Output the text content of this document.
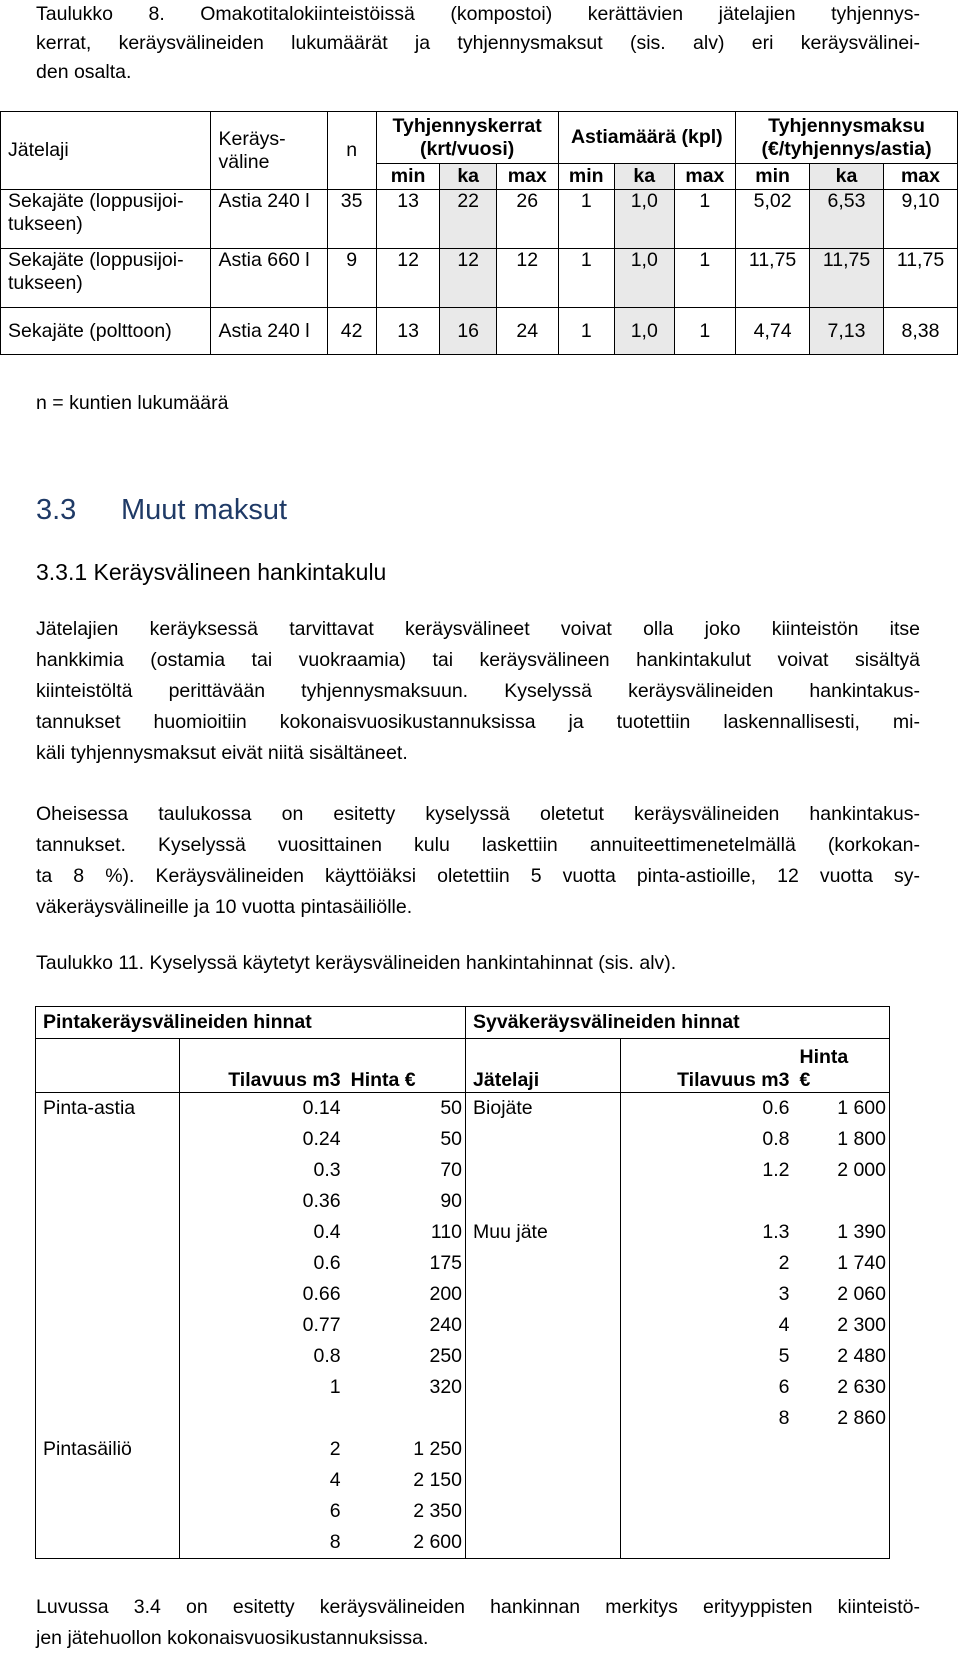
Taulukko 8. Omakotitalokiinteistöissä (kompostoi) kerättävien jätelajien tyhjennys-
kerrat, keräysvälineiden lukumäärät ja tyhjennysmaksut (sis. alv) eri keräysvälinei-
den osalta.
Jätelaji	Keräys- väline	n	Tyhjennyskerrat (krt/vuosi)			Astiamäärä (kpl)			Tyhjennysmaksu (€/tyhjennys/astia)		
			min	ka	max	min	ka	max	min	ka	max
Sekajäte (loppusijoi- tukseen)	Astia 240 l	35	13	22	26	1	1,0	1	5,02	6,53	9,10
Sekajäte (loppusijoi- tukseen)	Astia 660 l	9	12	12	12	1	1,0	1	11,75	11,75	11,75
Sekajäte (polttoon)	Astia 240 l	42	13	16	24	1	1,0	1	4,74	7,13	8,38
n = kuntien lukumäärä
3.3 Muut maksut
3.3.1 Keräysvälineen hankintakulu
Jätelajien keräyksessä tarvittavat keräysvälineet voivat olla joko kiinteistön itse
hankkimia (ostamia tai vuokraamia) tai keräysvälineen hankintakulut voivat sisältyä
kiinteistöltä perittävään tyhjennysmaksuun. Kyselyssä keräysvälineiden hankintakus-
tannukset huomioitiin kokonaisvuosikustannuksissa ja tuotettiin laskennallisesti, mi-
käli tyhjennysmaksut eivät niitä sisältäneet.
Oheisessa taulukossa on esitetty kyselyssä oletetut keräysvälineiden hankintakus-
tannukset. Kyselyssä vuosittainen kulu laskettiin annuiteettimenetelmällä (korkokan-
ta 8 %). Keräysvälineiden käyttöiäksi oletettiin 5 vuotta pinta-astioille, 12 vuotta sy-
väkeräysvälineille ja 10 vuotta pintasäiliölle.
Taulukko 11. Kyselyssä käytetyt keräysvälineiden hankintahinnat (sis. alv).
Pintakeräysvälineiden hinnat			Syväkeräysvälineiden hinnat		
	Tilavuus m3	Hinta €	Jätelaji	Tilavuus m3	Hinta €
Pinta-astia	0.14	50	Biojäte	0.6	1 600
	0.24	50		0.8	1 800
	0.3	70		1.2	2 000
	0.36	90			
	0.4	110	Muu jäte	1.3	1 390
	0.6	175		2	1 740
	0.66	200		3	2 060
	0.77	240		4	2 300
	0.8	250		5	2 480
	1	320		6	2 630
				8	2 860
Pintasäiliö	2	1 250			
	4	2 150			
	6	2 350			
	8	2 600			
Luvussa 3.4 on esitetty keräysvälineiden hankinnan merkitys erityyppisten kiinteistö-
jen jätehuollon kokonaisvuosikustannuksissa.
